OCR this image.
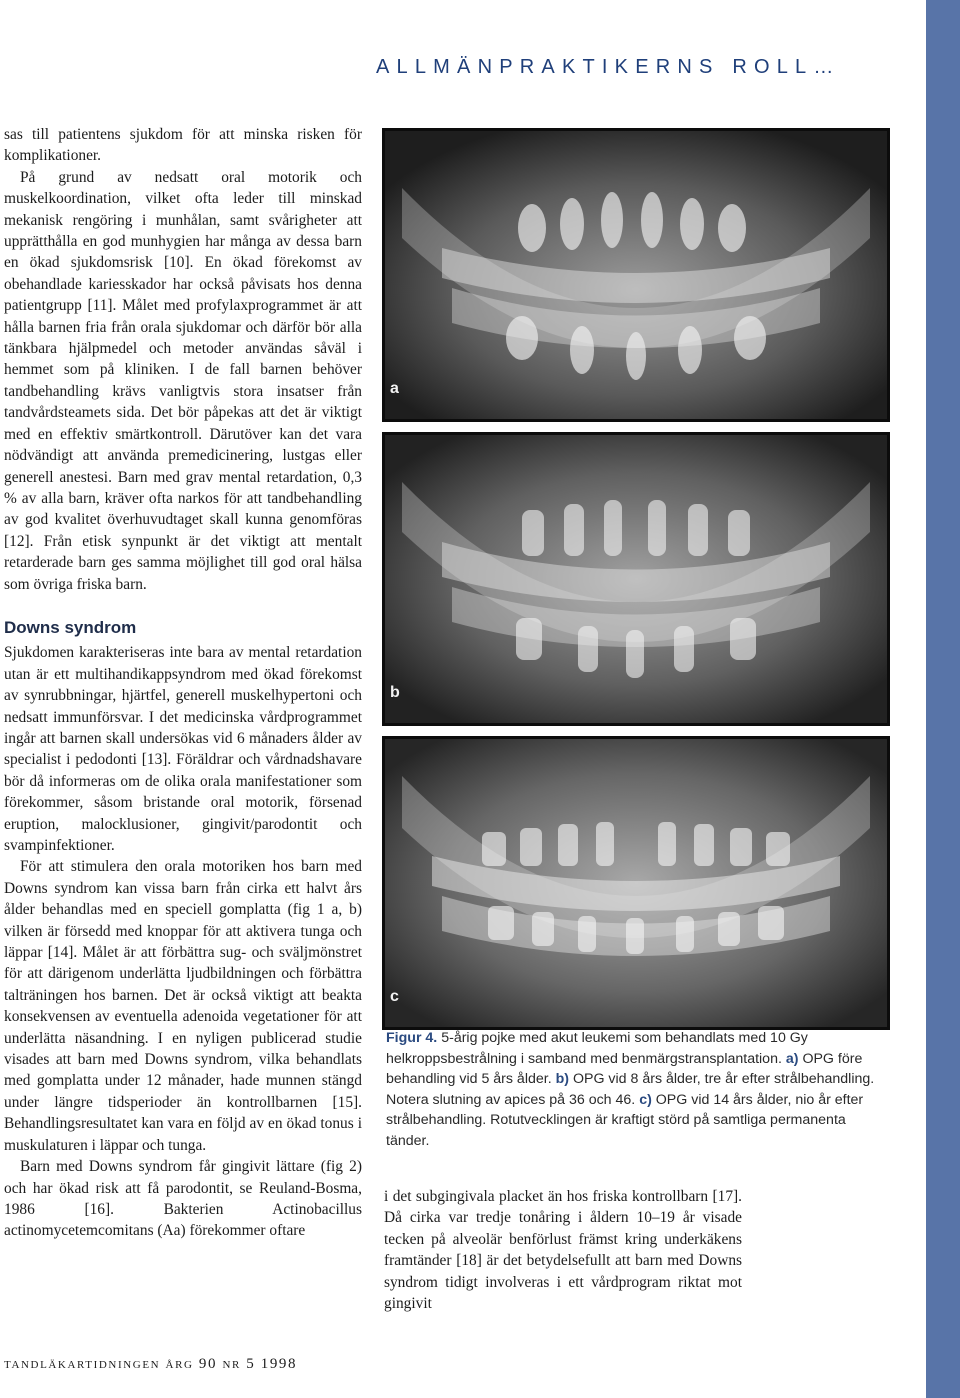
ALLMÄNPRAKTIKERNS ROLL…

sas till patientens sjukdom för att minska risken för komplikationer.

På grund av nedsatt oral motorik och muskelkoordination, vilket ofta leder till minskad mekanisk rengöring i munhålan, samt svårigheter att upprätthålla en god munhygien har många av dessa barn en ökad sjukdomsrisk [10]. En ökad förekomst av obehandlade kariesskador har också påvisats hos denna patientgrupp [11]. Målet med profylaxprogrammet är att hålla barnen fria från orala sjukdomar och därför bör alla tänkbara hjälpmedel och metoder användas såväl i hemmet som på kliniken. I de fall barnen behöver tandbehandling krävs vanligtvis stora insatser från tandvårdsteamets sida. Det bör påpekas att det är viktigt med en effektiv smärtkontroll. Därutöver kan det vara nödvändigt att använda premedicinering, lustgas eller generell anestesi. Barn med grav mental retardation, 0,3 % av alla barn, kräver ofta narkos för att tandbehandling av god kvalitet överhuvudtaget skall kunna genomföras [12]. Från etisk synpunkt är det viktigt att mentalt retarderade barn ges samma möjlighet till god oral hälsa som övriga friska barn.

Downs syndrom

Sjukdomen karakteriseras inte bara av mental retardation utan är ett multihandikappsyndrom med ökad förekomst av synrubbningar, hjärtfel, generell muskelhypertoni och nedsatt immunförsvar. I det medicinska vårdprogrammet ingår att barnen skall undersökas vid 6 månaders ålder av specialist i pedodonti [13]. Föräldrar och vårdnadshavare bör då informeras om de olika orala manifestationer som förekommer, såsom bristande oral motorik, försenad eruption, malocklusioner, gingivit/parodontit och svampinfektioner.

För att stimulera den orala motoriken hos barn med Downs syndrom kan vissa barn från cirka ett halvt års ålder behandlas med en speciell gomplatta (fig 1 a, b) vilken är försedd med knoppar för att aktivera tunga och läppar [14]. Målet är att förbättra sug- och sväljmönstret för att därigenom underlätta ljudbildningen och förbättra talträningen hos barnen. Det är också viktigt att beakta konsekvensen av eventuella adenoida vegetationer för att underlätta näsandning. I en nyligen publicerad studie visades att barn med Downs syndrom, vilka behandlats med gomplatta under 12 månader, hade munnen stängd under längre tidsperioder än kontrollbarnen [15]. Behandlingsresultatet kan vara en följd av en ökad tonus i muskulaturen i läppar och tunga.

Barn med Downs syndrom får gingivit lättare (fig 2) och har ökad risk att få parodontit, se Reuland-Bosma, 1986 [16]. Bakterien Actinobacillus actinomycetemcomitans (Aa) förekommer oftare

a
b
c
Figur 4. 5-årig pojke med akut leukemi som behandlats med 10 Gy helkroppsbestrålning i samband med benmärgstransplantation. a) OPG före behandling vid 5 års ålder. b) OPG vid 8 års ålder, tre år efter strålbehandling. Notera slutning av apices på 36 och 46. c) OPG vid 14 års ålder, nio år efter strålbehandling. Rotutvecklingen är kraftigt störd på samtliga permanenta tänder.

i det subgingivala placket än hos friska kontrollbarn [17]. Då cirka var tredje tonåring i åldern 10–19 år visade tecken på alveolär benförlust främst kring underkäkens framtänder [18] är det betydelsefullt att barn med Downs syndrom tidigt involveras i ett vårdprogram riktat mot gingivit

tandläkartidningen årg 90 nr 5 1998
